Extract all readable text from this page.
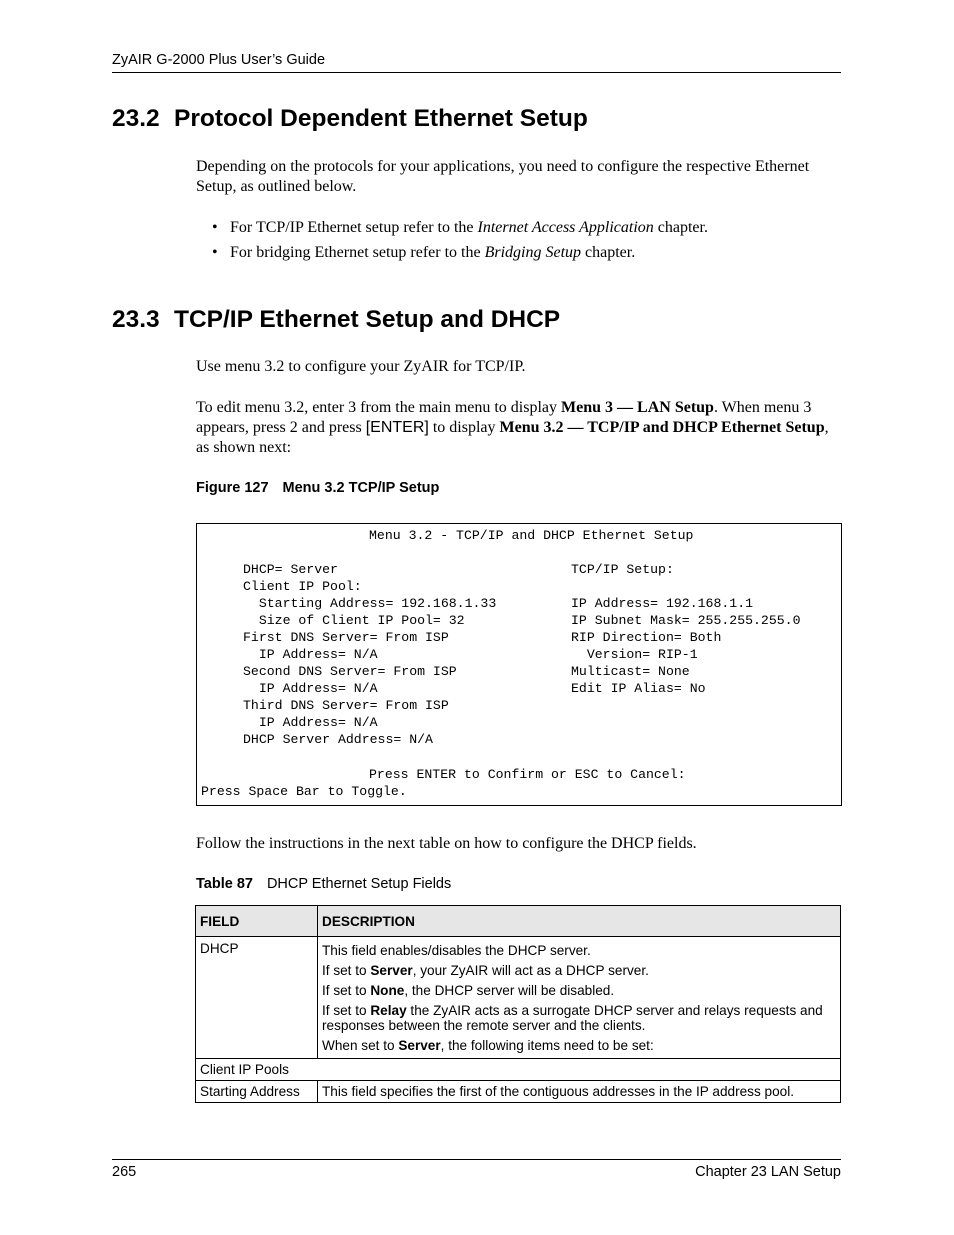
ZyAIR G-2000 Plus User’s Guide
23.2 Protocol Dependent Ethernet Setup
Depending on the protocols for your applications, you need to configure the respective Ethernet Setup, as outlined below.
• For TCP/IP Ethernet setup refer to the Internet Access Application chapter.
• For bridging Ethernet setup refer to the Bridging Setup chapter.
23.3 TCP/IP Ethernet Setup and DHCP
Use menu 3.2 to configure your ZyAIR for TCP/IP.
To edit menu 3.2, enter 3 from the main menu to display Menu 3 — LAN Setup. When menu 3 appears, press 2 and press [ENTER] to display Menu 3.2 — TCP/IP and DHCP Ethernet Setup, as shown next:
Figure 127 Menu 3.2 TCP/IP Setup
Menu 3.2 - TCP/IP and DHCP Ethernet Setup
DHCP= Server
Client IP Pool:
Starting Address= 192.168.1.33
Size of Client IP Pool= 32
First DNS Server= From ISP
IP Address= N/A
Second DNS Server= From ISP
IP Address= N/A
Third DNS Server= From ISP
IP Address= N/A
DHCP Server Address= N/A
TCP/IP Setup:
IP Address= 192.168.1.1
IP Subnet Mask= 255.255.255.0
RIP Direction= Both
Version= RIP-1
Multicast= None
Edit IP Alias= No
Press ENTER to Confirm or ESC to Cancel:
Press Space Bar to Toggle.
Follow the instructions in the next table on how to configure the DHCP fields.
Table 87 DHCP Ethernet Setup Fields
FIELD	DESCRIPTION
DHCP	This field enables/disables the DHCP server.

If set to Server, your ZyAIR will act as a DHCP server.

If set to None, the DHCP server will be disabled.

If set to Relay the ZyAIR acts as a surrogate DHCP server and relays requests and responses between the remote server and the clients.

When set to Server, the following items need to be set:

Client IP Pools	
Starting Address	This field specifies the first of the contiguous addresses in the IP address pool.
265	Chapter 23 LAN Setup
